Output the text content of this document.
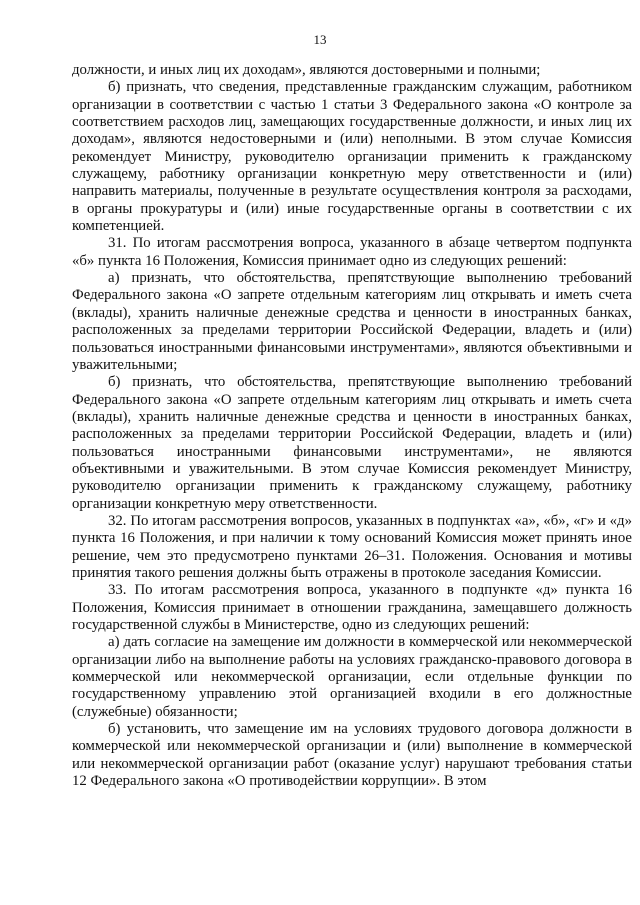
13

должности, и иных лиц их доходам», являются достоверными и полными;

б) признать, что сведения, представленные гражданским служащим, работником организации в соответствии с частью 1 статьи 3 Федерального закона «О контроле за соответствием расходов лиц, замещающих государственные должности, и иных лиц их доходам», являются недостоверными и (или) неполными. В этом случае Комиссия рекомендует Министру, руководителю организации применить к гражданскому служащему, работнику организации конкретную меру ответственности и (или) направить материалы, полученные в результате осуществления контроля за расходами, в органы прокуратуры и (или) иные государственные органы в соответствии с их компетенцией.

31. По итогам рассмотрения вопроса, указанного в абзаце четвертом подпункта «б» пункта 16 Положения, Комиссия принимает одно из следующих решений:

а) признать, что обстоятельства, препятствующие выполнению требований Федерального закона «О запрете отдельным категориям лиц открывать и иметь счета (вклады), хранить наличные денежные средства и ценности в иностранных банках, расположенных за пределами территории Российской Федерации, владеть и (или) пользоваться иностранными финансовыми инструментами», являются объективными и уважительными;

б) признать, что обстоятельства, препятствующие выполнению требований Федерального закона «О запрете отдельным категориям лиц открывать и иметь счета (вклады), хранить наличные денежные средства и ценности в иностранных банках, расположенных за пределами территории Российской Федерации, владеть и (или) пользоваться иностранными финансовыми инструментами», не являются объективными и уважительными. В этом случае Комиссия рекомендует Министру, руководителю организации применить к гражданскому служащему, работнику организации конкретную меру ответственности.

32. По итогам рассмотрения вопросов, указанных в подпунктах «а», «б», «г» и «д» пункта 16 Положения, и при наличии к тому оснований Комиссия может принять иное решение, чем это предусмотрено пунктами 26–31. Положения. Основания и мотивы принятия такого решения должны быть отражены в протоколе заседания Комиссии.

33. По итогам рассмотрения вопроса, указанного в подпункте «д» пункта 16 Положения, Комиссия принимает в отношении гражданина, замещавшего должность государственной службы в Министерстве, одно из следующих решений:

а) дать согласие на замещение им должности в коммерческой или некоммерческой организации либо на выполнение работы на условиях гражданско-правового договора в коммерческой или некоммерческой организации, если отдельные функции по государственному управлению этой организацией входили в его должностные (служебные) обязанности;

б) установить, что замещение им на условиях трудового договора должности в коммерческой или некоммерческой организации и (или) выполнение в коммерческой или некоммерческой организации работ (оказание услуг) нарушают требования статьи 12 Федерального закона «О противодействии коррупции». В этом
